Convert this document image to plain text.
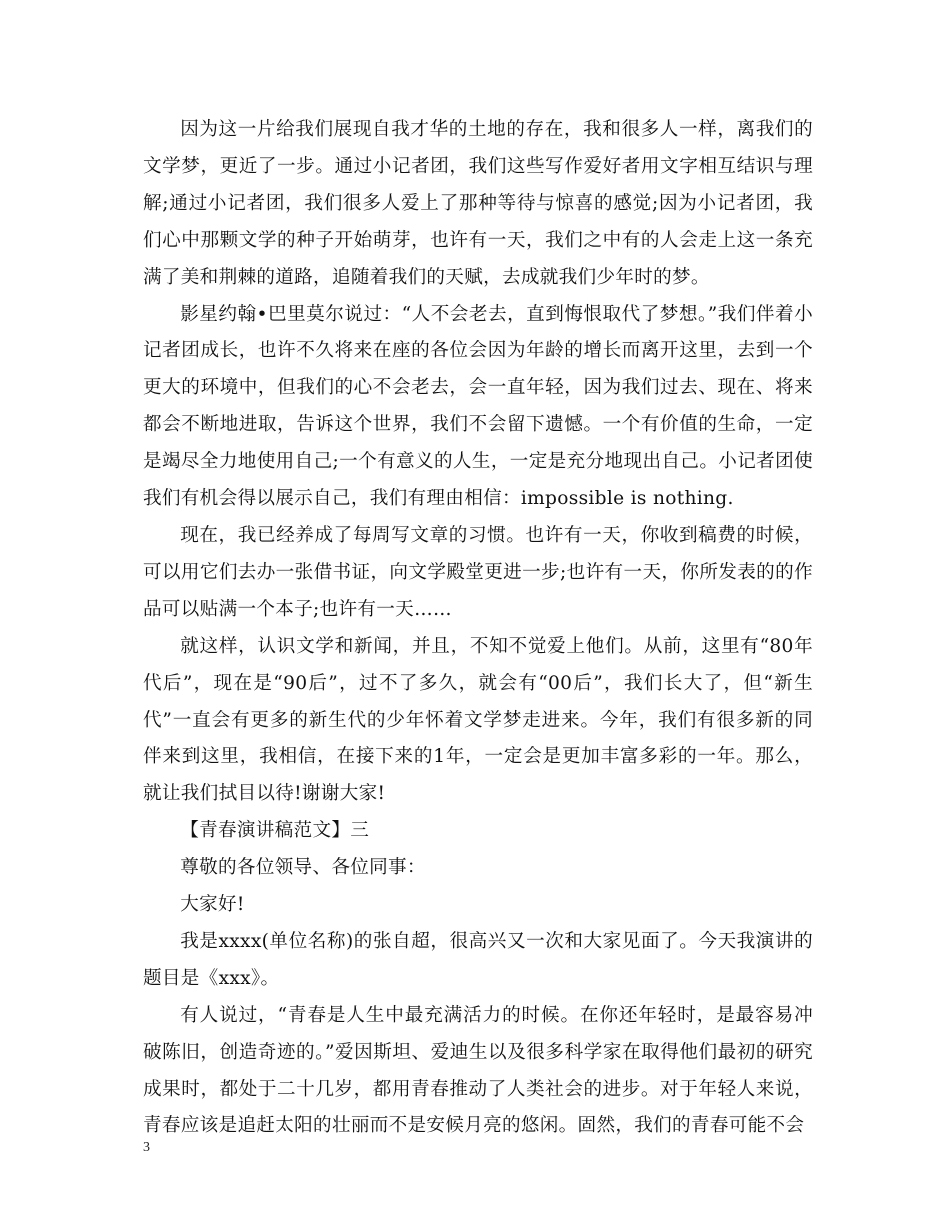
因为这一片给我们展现自我才华的土地的存在，我和很多人一样，离我们的文学梦，更近了一步。通过小记者团，我们这些写作爱好者用文字相互结识与理解;通过小记者团，我们很多人爱上了那种等待与惊喜的感觉;因为小记者团，我们心中那颗文学的种子开始萌芽，也许有一天，我们之中有的人会走上这一条充满了美和荆棘的道路，追随着我们的天赋，去成就我们少年时的梦。

影星约翰•巴里莫尔说过：“人不会老去，直到悔恨取代了梦想。”我们伴着小记者团成长，也许不久将来在座的各位会因为年龄的增长而离开这里，去到一个更大的环境中，但我们的心不会老去，会一直年轻，因为我们过去、现在、将来都会不断地进取，告诉这个世界，我们不会留下遗憾。一个有价值的生命，一定是竭尽全力地使用自己;一个有意义的人生，一定是充分地现出自己。小记者团使我们有机会得以展示自己，我们有理由相信：impossible is nothing.

现在，我已经养成了每周写文章的习惯。也许有一天，你收到稿费的时候，可以用它们去办一张借书证，向文学殿堂更进一步;也许有一天，你所发表的的作品可以贴满一个本子;也许有一天……

就这样，认识文学和新闻，并且，不知不觉爱上他们。从前，这里有“80年代后”，现在是“90后”，过不了多久，就会有“00后”，我们长大了，但“新生代”一直会有更多的新生代的少年怀着文学梦走进来。今年，我们有很多新的同伴来到这里，我相信，在接下来的1年，一定会是更加丰富多彩的一年。那么，就让我们拭目以待!谢谢大家!

【青春演讲稿范文】三

尊敬的各位领导、各位同事：

大家好!

我是xxxx(单位名称)的张自超，很高兴又一次和大家见面了。今天我演讲的题目是《xxx》。

有人说过，“青春是人生中最充满活力的时候。在你还年轻时，是最容易冲破陈旧，创造奇迹的。”爱因斯坦、爱迪生以及很多科学家在取得他们最初的研究成果时，都处于二十几岁，都用青春推动了人类社会的进步。对于年轻人来说，青春应该是追赶太阳的壮丽而不是安候月亮的悠闲。固然，我们的青春可能不会

3
